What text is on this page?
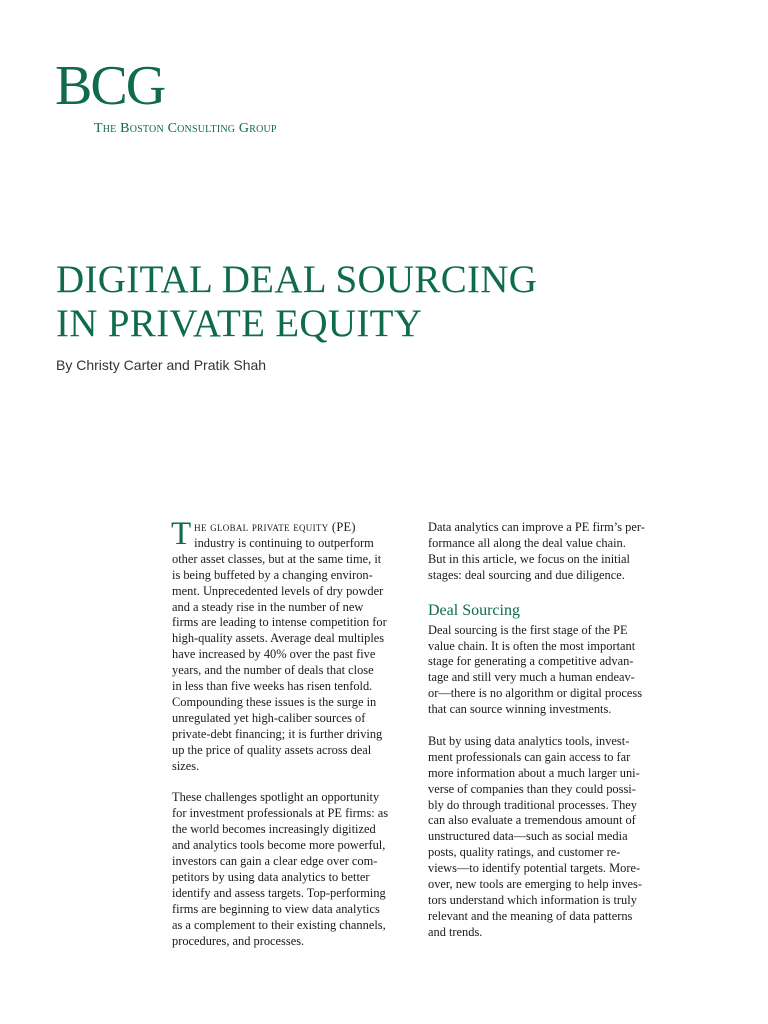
BCG
The Boston Consulting Group
DIGITAL DEAL SOURCING
IN PRIVATE EQUITY
By Christy Carter and Pratik Shah
The global private equity (PE)
industry is continuing to outperform
other asset classes, but at the same time, it
is being buffeted by a changing environ-
ment. Unprecedented levels of dry powder
and a steady rise in the number of new
firms are leading to intense competition for
high-quality assets. Average deal multiples
have increased by 40% over the past five
years, and the number of deals that close
in less than five weeks has risen tenfold.
Compounding these issues is the surge in
unregulated yet high-caliber sources of
private-debt financing; it is further driving
up the price of quality assets across deal
sizes.
These challenges spotlight an opportunity
for investment professionals at PE firms: as
the world becomes increasingly digitized
and analytics tools become more powerful,
investors can gain a clear edge over com-
petitors by using data analytics to better
identify and assess targets. Top-performing
firms are beginning to view data analytics
as a complement to their existing channels,
procedures, and processes.
Data analytics can improve a PE firm’s per-
formance all along the deal value chain.
But in this article, we focus on the initial
stages: deal sourcing and due diligence.
Deal Sourcing
Deal sourcing is the first stage of the PE
value chain. It is often the most important
stage for generating a competitive advan-
tage and still very much a human endeav-
or—there is no algorithm or digital process
that can source winning investments.
But by using data analytics tools, invest-
ment professionals can gain access to far
more information about a much larger uni-
verse of companies than they could possi-
bly do through traditional processes. They
can also evaluate a tremendous amount of
unstructured data—such as social media
posts, quality ratings, and customer re-
views—to identify potential targets. More-
over, new tools are emerging to help inves-
tors understand which information is truly
relevant and the meaning of data patterns
and trends.
